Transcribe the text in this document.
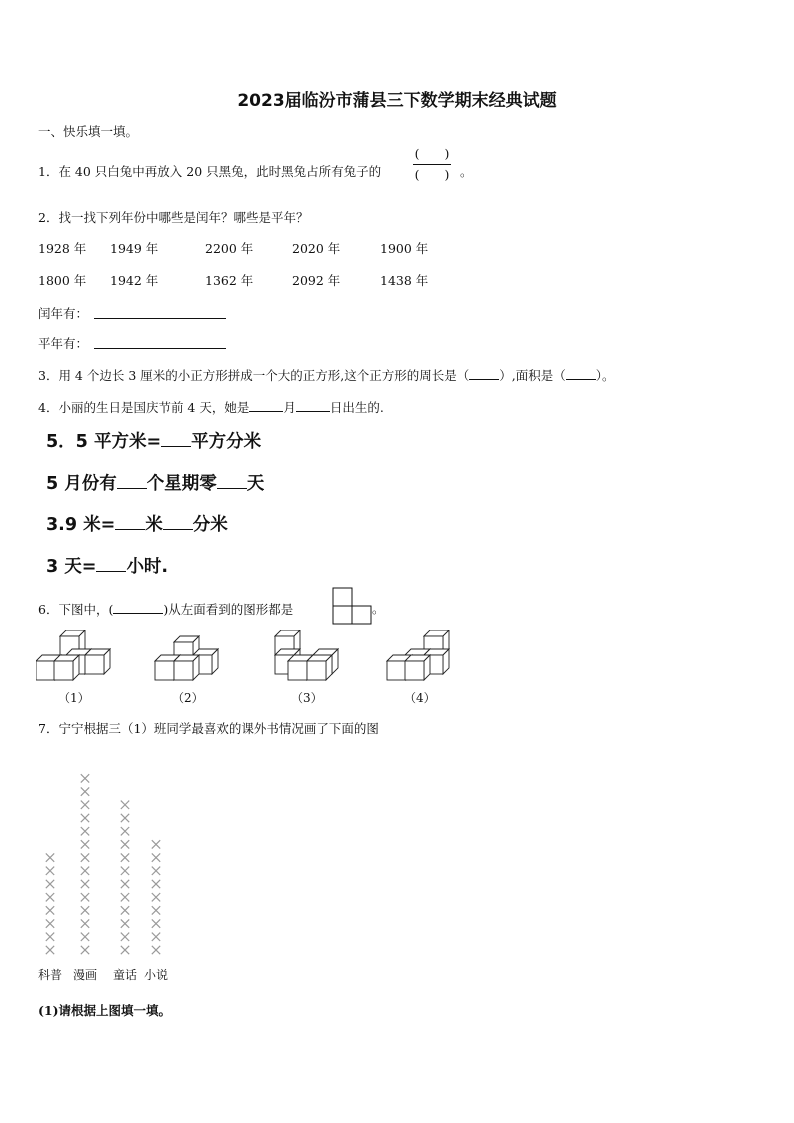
2023届临汾市蒲县三下数学期末经典试题
一、快乐填一填。
1．在 40 只白兔中再放入 20 只黑兔，此时黑兔占所有兔子的
(　　)
(　　) 。
2．找一找下列年份中哪些是闰年？哪些是平年？
1928 年 1949 年	2200 年	2020 年	1900 年
1800 年 1942 年	1362 年	2092 年	1438 年
闰年有：
平年有：
3．用 4 个边长 3 厘米的小正方形拼成一个大的正方形,这个正方形的周长是（ ）,面积是（ ）。
4．小丽的生日是国庆节前 4 天，她是	月	日出生的.
5．5 平方米= 平方分米
5 月份有 个星期零 天
3.9 米= 米 分米
3 天= 小时.
6．下图中，(	)从左面看到的图形都是	。
（1）	（2）	（3）	（4）
7．宁宁根据三（1）班同学最喜欢的课外书情况画了下面的图
科普 漫画 童话 小说
(1)请根据上图填一填。
